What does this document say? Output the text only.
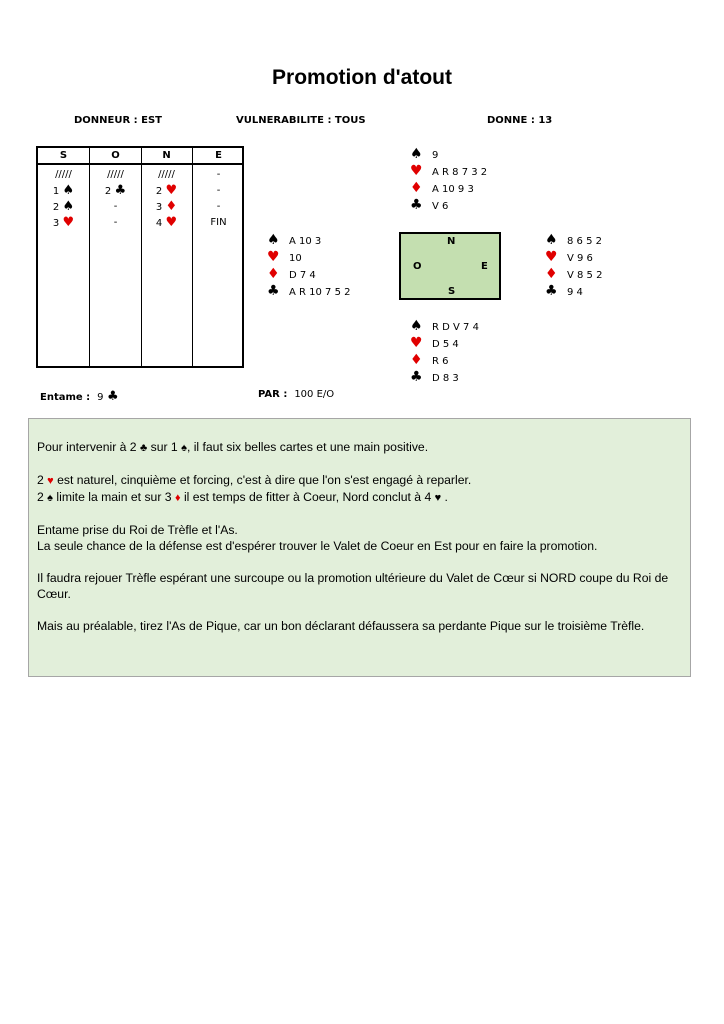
Promotion d'atout
DONNEUR : EST	VULNERABILITE : TOUS	DONNE : 13
S	O	N	E
/////	/////	/////	-
1 ♠	2 ♣	2 ♥	-
2 ♠	-	3 ♦	-
3 ♥	-	4 ♥	FIN
♠ 9
♥ A R 8 7 3 2
♦ A 10 9 3
♣ V 6
♠ A 10 3
♥ 10
♦ D 7 4
♣ A R 10 7 5 2
N
O	E
S
♠ 8 6 5 2
♥ V 9 6
♦ V 8 5 2
♣ 9 4
♠ R D V 7 4
♥ D 5 4
♦ R 6
♣ D 8 3
Entame : 9 ♣	PAR : 100 E/O

Pour intervenir à 2 ♣ sur 1 ♠, il faut six belles cartes et une main positive.

2 ♥ est naturel, cinquième et forcing, c'est à dire que l'on s'est engagé à reparler.
2 ♠ limite la main et sur 3 ♦ il est temps de fitter à Coeur, Nord conclut à 4 ♥ .

Entame prise du Roi de Trèfle et l'As.
La seule chance de la défense est d'espérer trouver le Valet de Coeur en Est pour en faire la promotion.

Il faudra rejouer Trèfle espérant une surcoupe ou la promotion ultérieure du Valet de Cœur si NORD coupe du Roi de Cœur.

Mais au préalable, tirez l'As de Pique, car un bon déclarant défaussera sa perdante Pique sur le troisième Trèfle.
